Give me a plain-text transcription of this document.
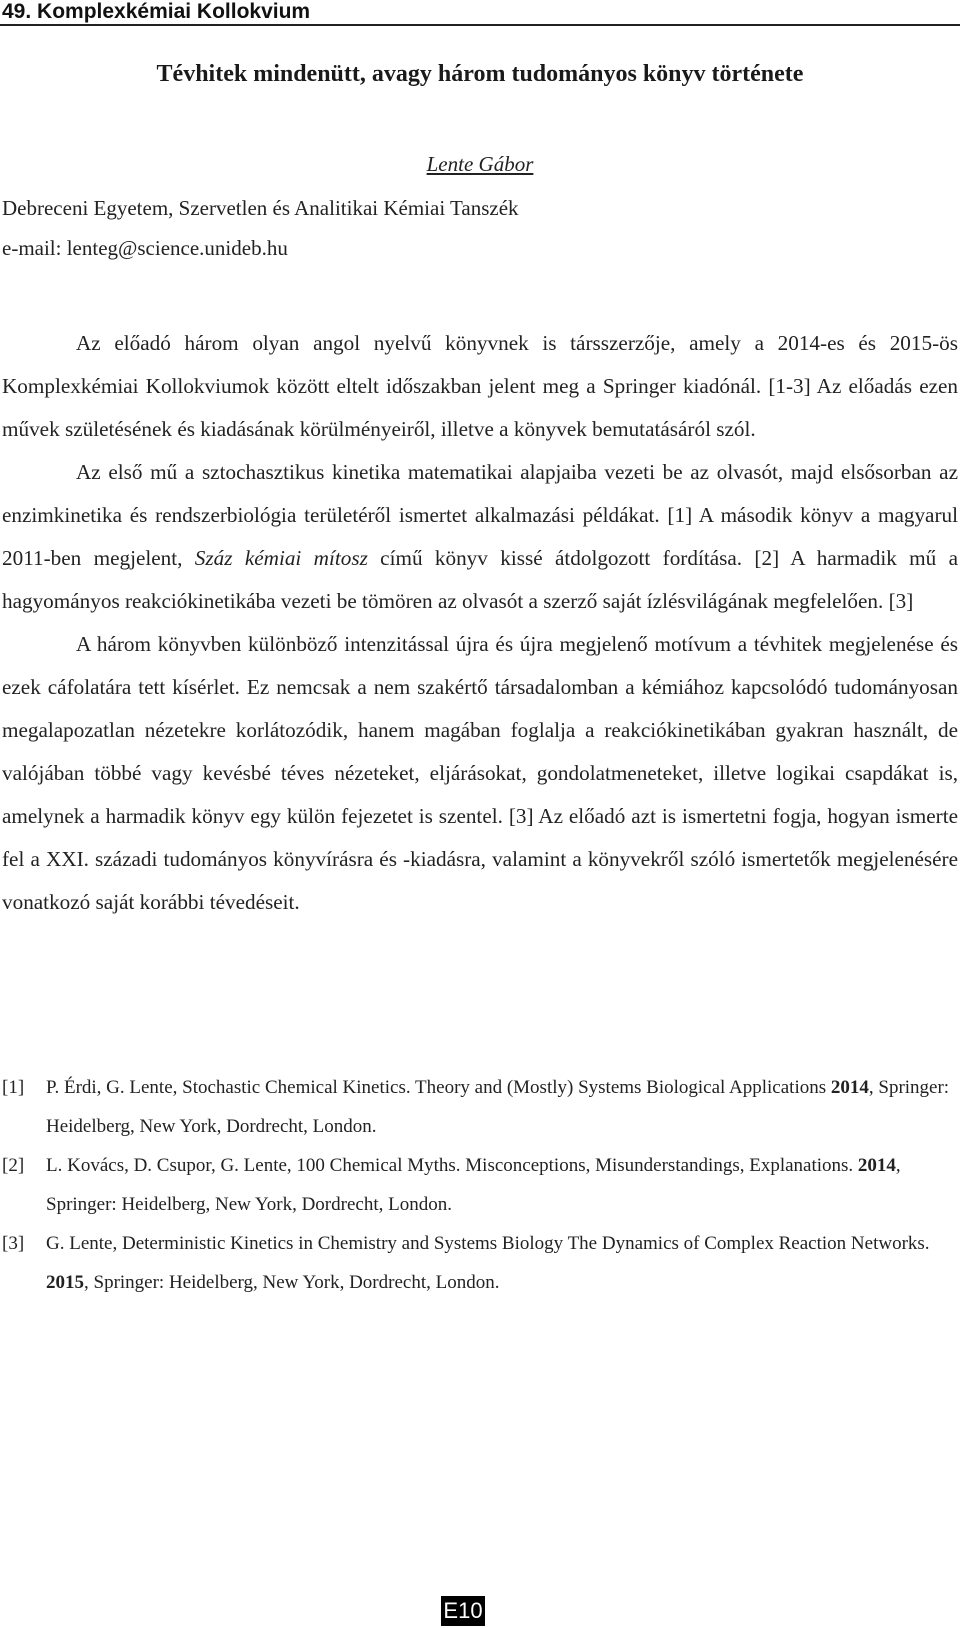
49. Komplexkémiai Kollokvium
Tévhitek mindenütt, avagy három tudományos könyv története
Lente Gábor
Debreceni Egyetem, Szervetlen és Analitikai Kémiai Tanszék
e-mail: lenteg@science.unideb.hu

Az előadó három olyan angol nyelvű könyvnek is társszerzője, amely a 2014-es és 2015-ös Komplexkémiai Kollokviumok között eltelt időszakban jelent meg a Springer kiadónál. [1-3] Az előadás ezen művek születésének és kiadásának körülményeiről, illetve a könyvek bemutatásáról szól.

Az első mű a sztochasztikus kinetika matematikai alapjaiba vezeti be az olvasót, majd elsősorban az enzimkinetika és rendszerbiológia területéről ismertet alkalmazási példákat. [1] A második könyv a magyarul 2011-ben megjelent, Száz kémiai mítosz című könyv kissé átdolgozott fordítása. [2] A harmadik mű a hagyományos reakciókinetikába vezeti be tömören az olvasót a szerző saját ízlésvilágának megfelelően. [3]

A három könyvben különböző intenzitással újra és újra megjelenő motívum a tévhitek megjelenése és ezek cáfolatára tett kísérlet. Ez nemcsak a nem szakértő társadalomban a kémiához kapcsolódó tudományosan megalapozatlan nézetekre korlátozódik, hanem magában foglalja a reakciókinetikában gyakran használt, de valójában többé vagy kevésbé téves nézeteket, eljárásokat, gondolatmeneteket, illetve logikai csapdákat is, amelynek a harmadik könyv egy külön fejezetet is szentel. [3] Az előadó azt is ismertetni fogja, hogyan ismerte fel a XXI. századi tudományos könyvírásra és -kiadásra, valamint a könyvekről szóló ismertetők megjelenésére vonatkozó saját korábbi tévedéseit.

[1]	P. Érdi, G. Lente, Stochastic Chemical Kinetics. Theory and (Mostly) Systems Biological Applications 2014, Springer: Heidelberg, New York, Dordrecht, London.
[2]	L. Kovács, D. Csupor, G. Lente, 100 Chemical Myths. Misconceptions, Misunderstandings, Explanations. 2014, Springer: Heidelberg, New York, Dordrecht, London.
[3]	G. Lente, Deterministic Kinetics in Chemistry and Systems Biology The Dynamics of Complex Reaction Networks. 2015, Springer: Heidelberg, New York, Dordrecht, London.
E10
